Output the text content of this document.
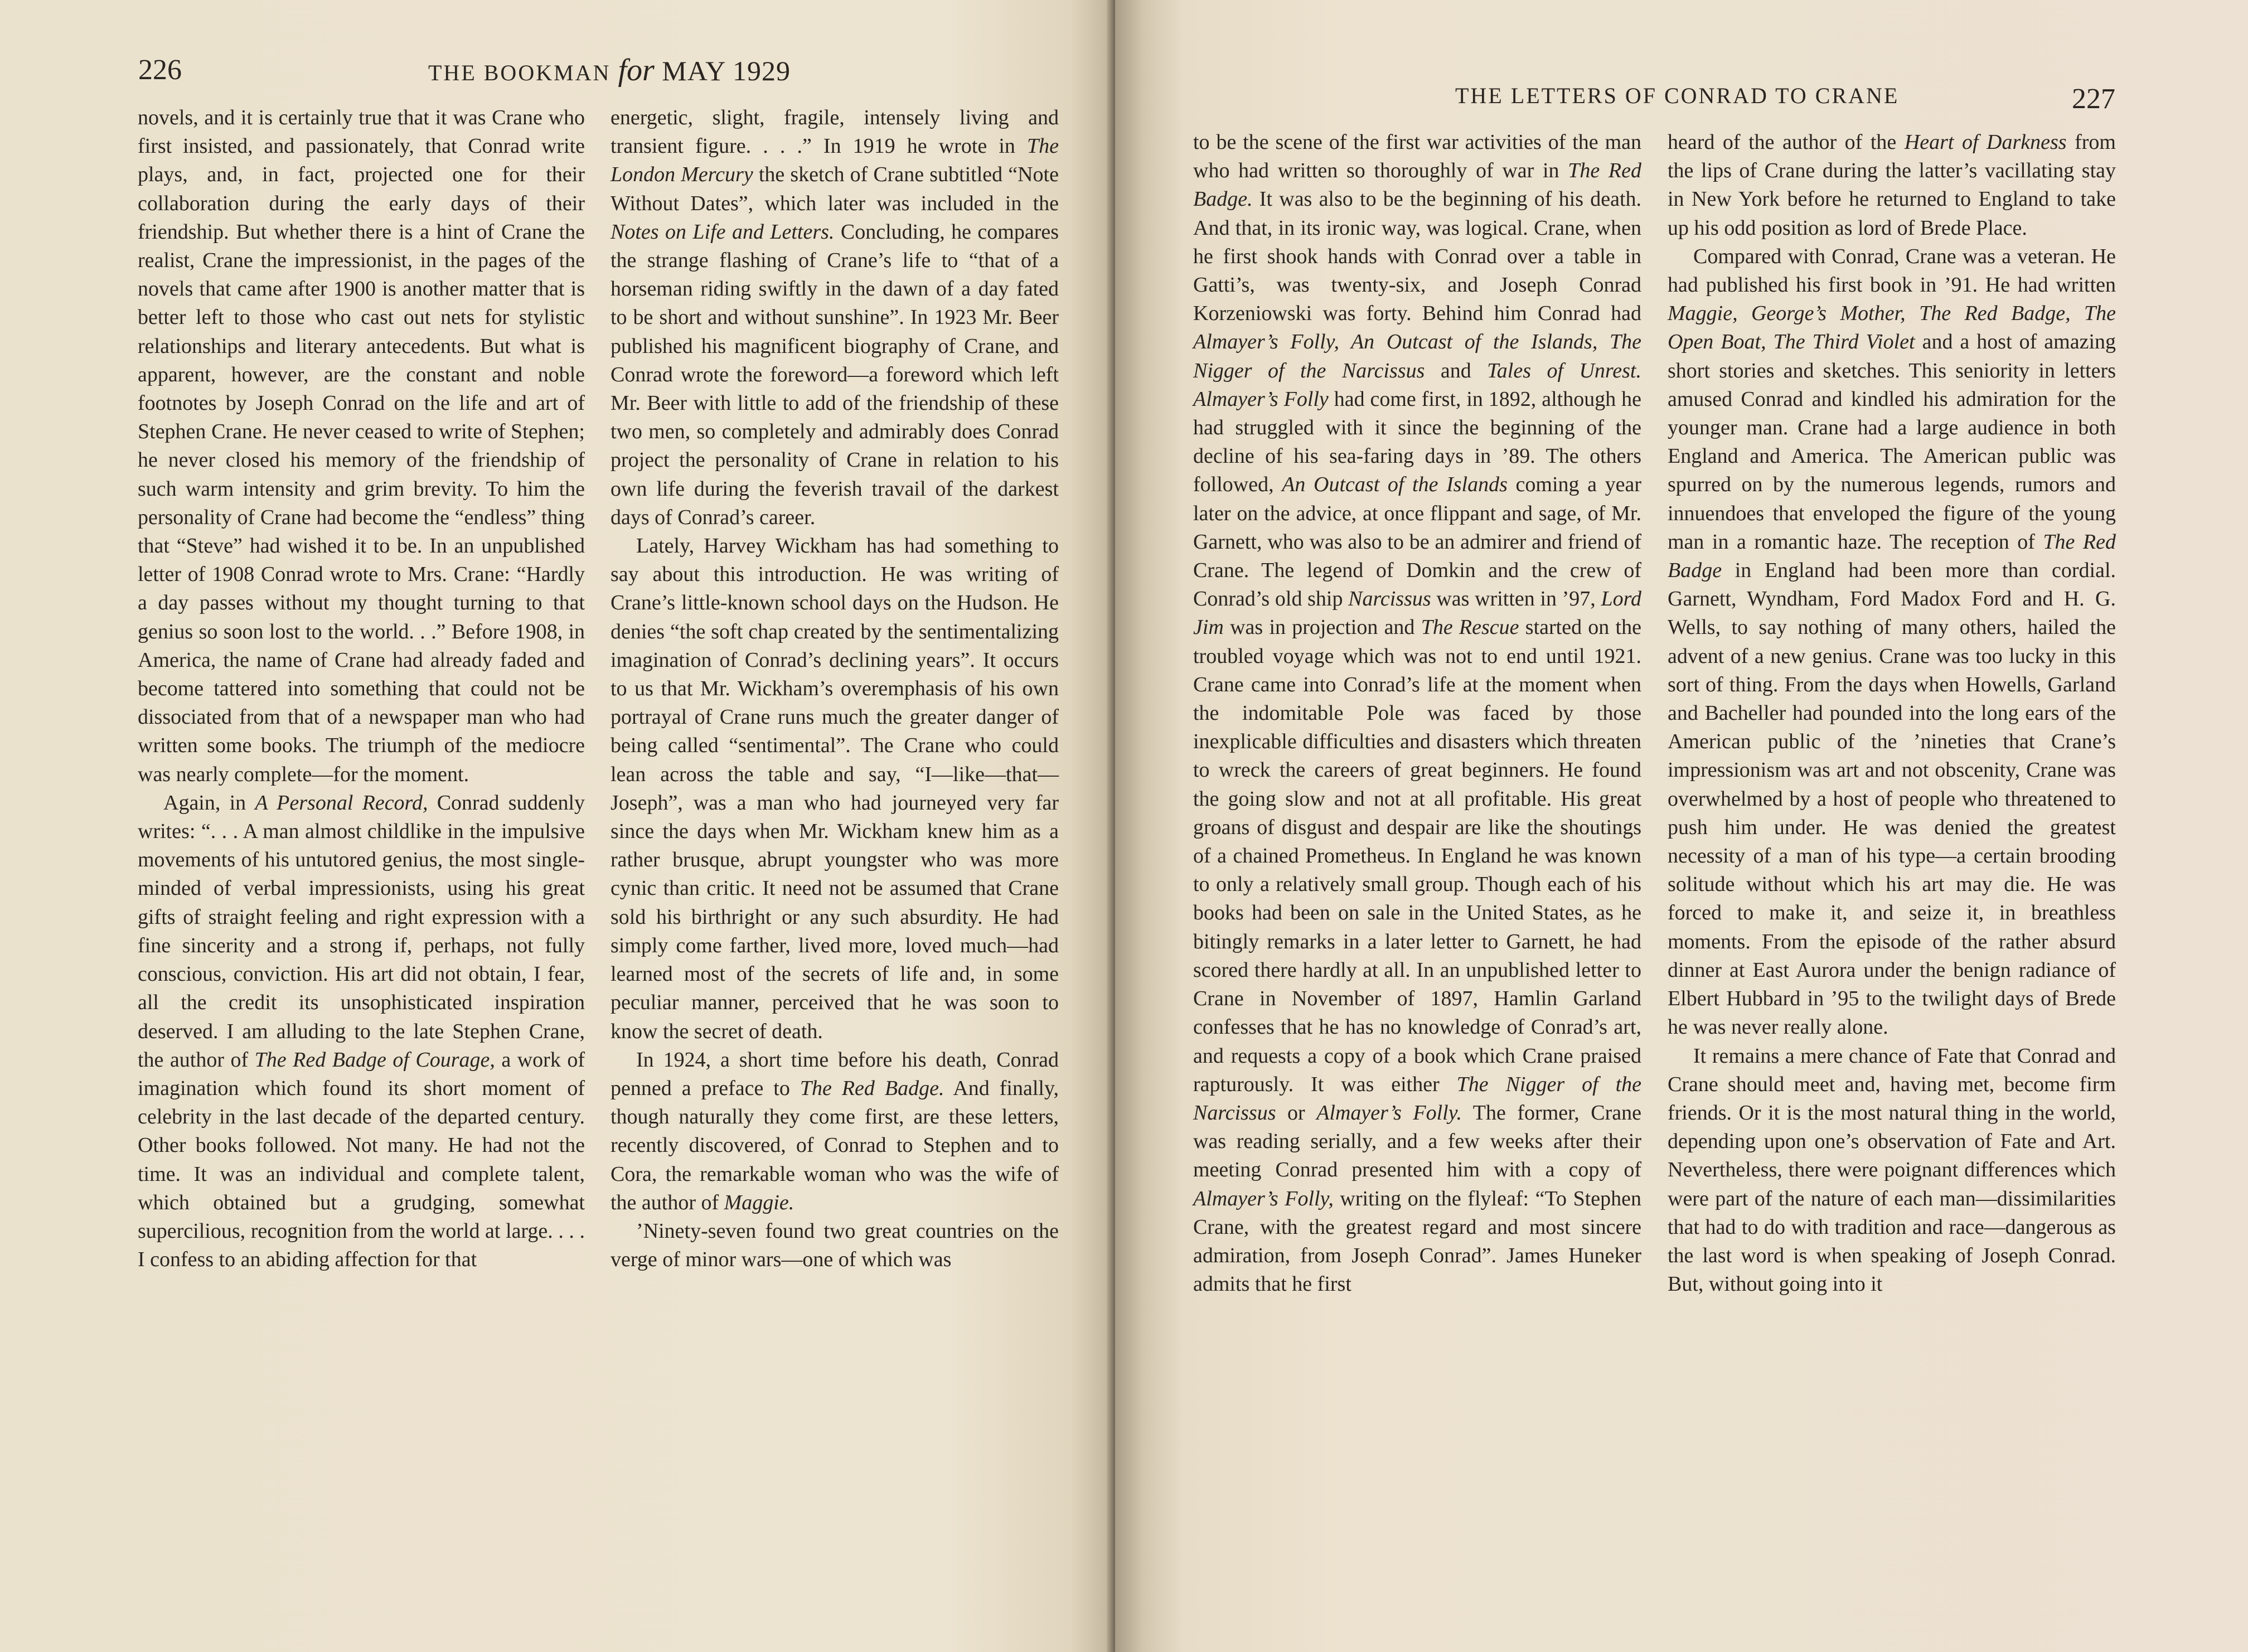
226	THE BOOKMAN for MAY 1929

novels, and it is certainly true that it was Crane who first insisted, and passionately, that Conrad write plays, and, in fact, projected one for their collaboration during the early days of their friendship. But whether there is a hint of Crane the realist, Crane the impressionist, in the pages of the novels that came after 1900 is another matter that is better left to those who cast out nets for stylistic relationships and literary antecedents. But what is apparent, however, are the constant and noble footnotes by Joseph Conrad on the life and art of Stephen Crane. He never ceased to write of Stephen; he never closed his memory of the friendship of such warm intensity and grim brevity. To him the personality of Crane had become the “endless” thing that “Steve” had wished it to be. In an unpublished letter of 1908 Conrad wrote to Mrs. Crane: “Hardly a day passes without my thought turning to that genius so soon lost to the world. . .” Before 1908, in America, the name of Crane had already faded and become tattered into something that could not be dissociated from that of a newspaper man who had written some books. The triumph of the mediocre was nearly complete—for the moment.

Again, in A Personal Record, Conrad suddenly writes: “. . . A man almost childlike in the impulsive movements of his untutored genius, the most single-minded of verbal impressionists, using his great gifts of straight feeling and right expression with a fine sincerity and a strong if, perhaps, not fully conscious, conviction. His art did not obtain, I fear, all the credit its unsophisticated inspiration deserved. I am alluding to the late Stephen Crane, the author of The Red Badge of Courage, a work of imagination which found its short moment of celebrity in the last decade of the departed century. Other books followed. Not many. He had not the time. It was an individual and complete talent, which obtained but a grudging, somewhat supercilious, recognition from the world at large. . . . I confess to an abiding affection for that

energetic, slight, fragile, intensely living and transient figure. . . .” In 1919 he wrote in The London Mercury the sketch of Crane subtitled “Note Without Dates”, which later was included in the Notes on Life and Letters. Concluding, he compares the strange flashing of Crane’s life to “that of a horseman riding swiftly in the dawn of a day fated to be short and without sunshine”. In 1923 Mr. Beer published his magnificent biography of Crane, and Conrad wrote the foreword—a foreword which left Mr. Beer with little to add of the friendship of these two men, so completely and admirably does Conrad project the personality of Crane in relation to his own life during the feverish travail of the darkest days of Conrad’s career.

Lately, Harvey Wickham has had something to say about this introduction. He was writing of Crane’s little-known school days on the Hudson. He denies “the soft chap created by the sentimentalizing imagination of Conrad’s declining years”. It occurs to us that Mr. Wickham’s overemphasis of his own portrayal of Crane runs much the greater danger of being called “sentimental”. The Crane who could lean across the table and say, “I—like—that—Joseph”, was a man who had journeyed very far since the days when Mr. Wickham knew him as a rather brusque, abrupt youngster who was more cynic than critic. It need not be assumed that Crane sold his birthright or any such absurdity. He had simply come farther, lived more, loved much—had learned most of the secrets of life and, in some peculiar manner, perceived that he was soon to know the secret of death.

In 1924, a short time before his death, Conrad penned a preface to The Red Badge. And finally, though naturally they come first, are these letters, recently discovered, of Conrad to Stephen and to Cora, the remarkable woman who was the wife of the author of Maggie.

’Ninety-seven found two great countries on the verge of minor wars—one of which was

THE LETTERS OF CONRAD TO CRANE	227

to be the scene of the first war activities of the man who had written so thoroughly of war in The Red Badge. It was also to be the beginning of his death. And that, in its ironic way, was logical. Crane, when he first shook hands with Conrad over a table in Gatti’s, was twenty-six, and Joseph Conrad Korzeniowski was forty. Behind him Conrad had Almayer’s Folly, An Outcast of the Islands, The Nigger of the Narcissus and Tales of Unrest. Almayer’s Folly had come first, in 1892, although he had struggled with it since the beginning of the decline of his sea-faring days in ’89. The others followed, An Outcast of the Islands coming a year later on the advice, at once flippant and sage, of Mr. Garnett, who was also to be an admirer and friend of Crane. The legend of Domkin and the crew of Conrad’s old ship Narcissus was written in ’97, Lord Jim was in projection and The Rescue started on the troubled voyage which was not to end until 1921. Crane came into Conrad’s life at the moment when the indomitable Pole was faced by those inexplicable difficulties and disasters which threaten to wreck the careers of great beginners. He found the going slow and not at all profitable. His great groans of disgust and despair are like the shoutings of a chained Prometheus. In England he was known to only a relatively small group. Though each of his books had been on sale in the United States, as he bitingly remarks in a later letter to Garnett, he had scored there hardly at all. In an unpublished letter to Crane in November of 1897, Hamlin Garland confesses that he has no knowledge of Conrad’s art, and requests a copy of a book which Crane praised rapturously. It was either The Nigger of the Narcissus or Almayer’s Folly. The former, Crane was reading serially, and a few weeks after their meeting Conrad presented him with a copy of Almayer’s Folly, writing on the flyleaf: “To Stephen Crane, with the greatest regard and most sincere admiration, from Joseph Conrad”. James Huneker admits that he first

heard of the author of the Heart of Darkness from the lips of Crane during the latter’s vacillating stay in New York before he returned to England to take up his odd position as lord of Brede Place.

Compared with Conrad, Crane was a veteran. He had published his first book in ’91. He had written Maggie, George’s Mother, The Red Badge, The Open Boat, The Third Violet and a host of amazing short stories and sketches. This seniority in letters amused Conrad and kindled his admiration for the younger man. Crane had a large audience in both England and America. The American public was spurred on by the numerous legends, rumors and innuendoes that enveloped the figure of the young man in a romantic haze. The reception of The Red Badge in England had been more than cordial. Garnett, Wyndham, Ford Madox Ford and H. G. Wells, to say nothing of many others, hailed the advent of a new genius. Crane was too lucky in this sort of thing. From the days when Howells, Garland and Bacheller had pounded into the long ears of the American public of the ’nineties that Crane’s impressionism was art and not obscenity, Crane was overwhelmed by a host of people who threatened to push him under. He was denied the greatest necessity of a man of his type—a certain brooding solitude without which his art may die. He was forced to make it, and seize it, in breathless moments. From the episode of the rather absurd dinner at East Aurora under the benign radiance of Elbert Hubbard in ’95 to the twilight days of Brede he was never really alone.

It remains a mere chance of Fate that Conrad and Crane should meet and, having met, become firm friends. Or it is the most natural thing in the world, depending upon one’s observation of Fate and Art. Nevertheless, there were poignant differences which were part of the nature of each man—dissimilarities that had to do with tradition and race—dangerous as the last word is when speaking of Joseph Conrad. But, without going into it
